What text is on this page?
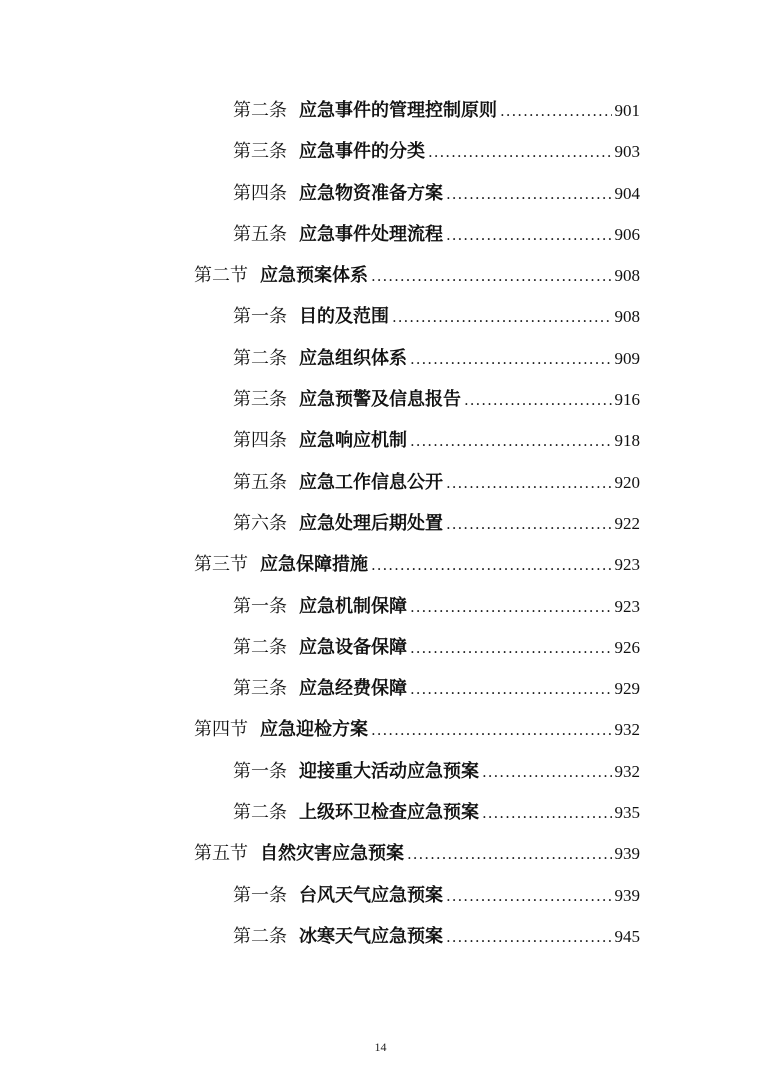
第二条 应急事件的管理控制原则 .....	901
第三条 应急事件的分类 .....	903
第四条 应急物资准备方案 .....	904
第五条 应急事件处理流程 .....	906
第二节 应急预案体系 .....	908
第一条 目的及范围 .....	908
第二条 应急组织体系 .....	909
第三条 应急预警及信息报告 .....	916
第四条 应急响应机制 .....	918
第五条 应急工作信息公开 .....	920
第六条 应急处理后期处置 .....	922
第三节 应急保障措施 .....	923
第一条 应急机制保障 .....	923
第二条 应急设备保障 .....	926
第三条 应急经费保障 .....	929
第四节 应急迎检方案 .....	932
第一条 迎接重大活动应急预案 .....	932
第二条 上级环卫检查应急预案 .....	935
第五节 自然灾害应急预案 .....	939
第一条 台风天气应急预案 .....	939
第二条 冰寒天气应急预案 .....	945
14
